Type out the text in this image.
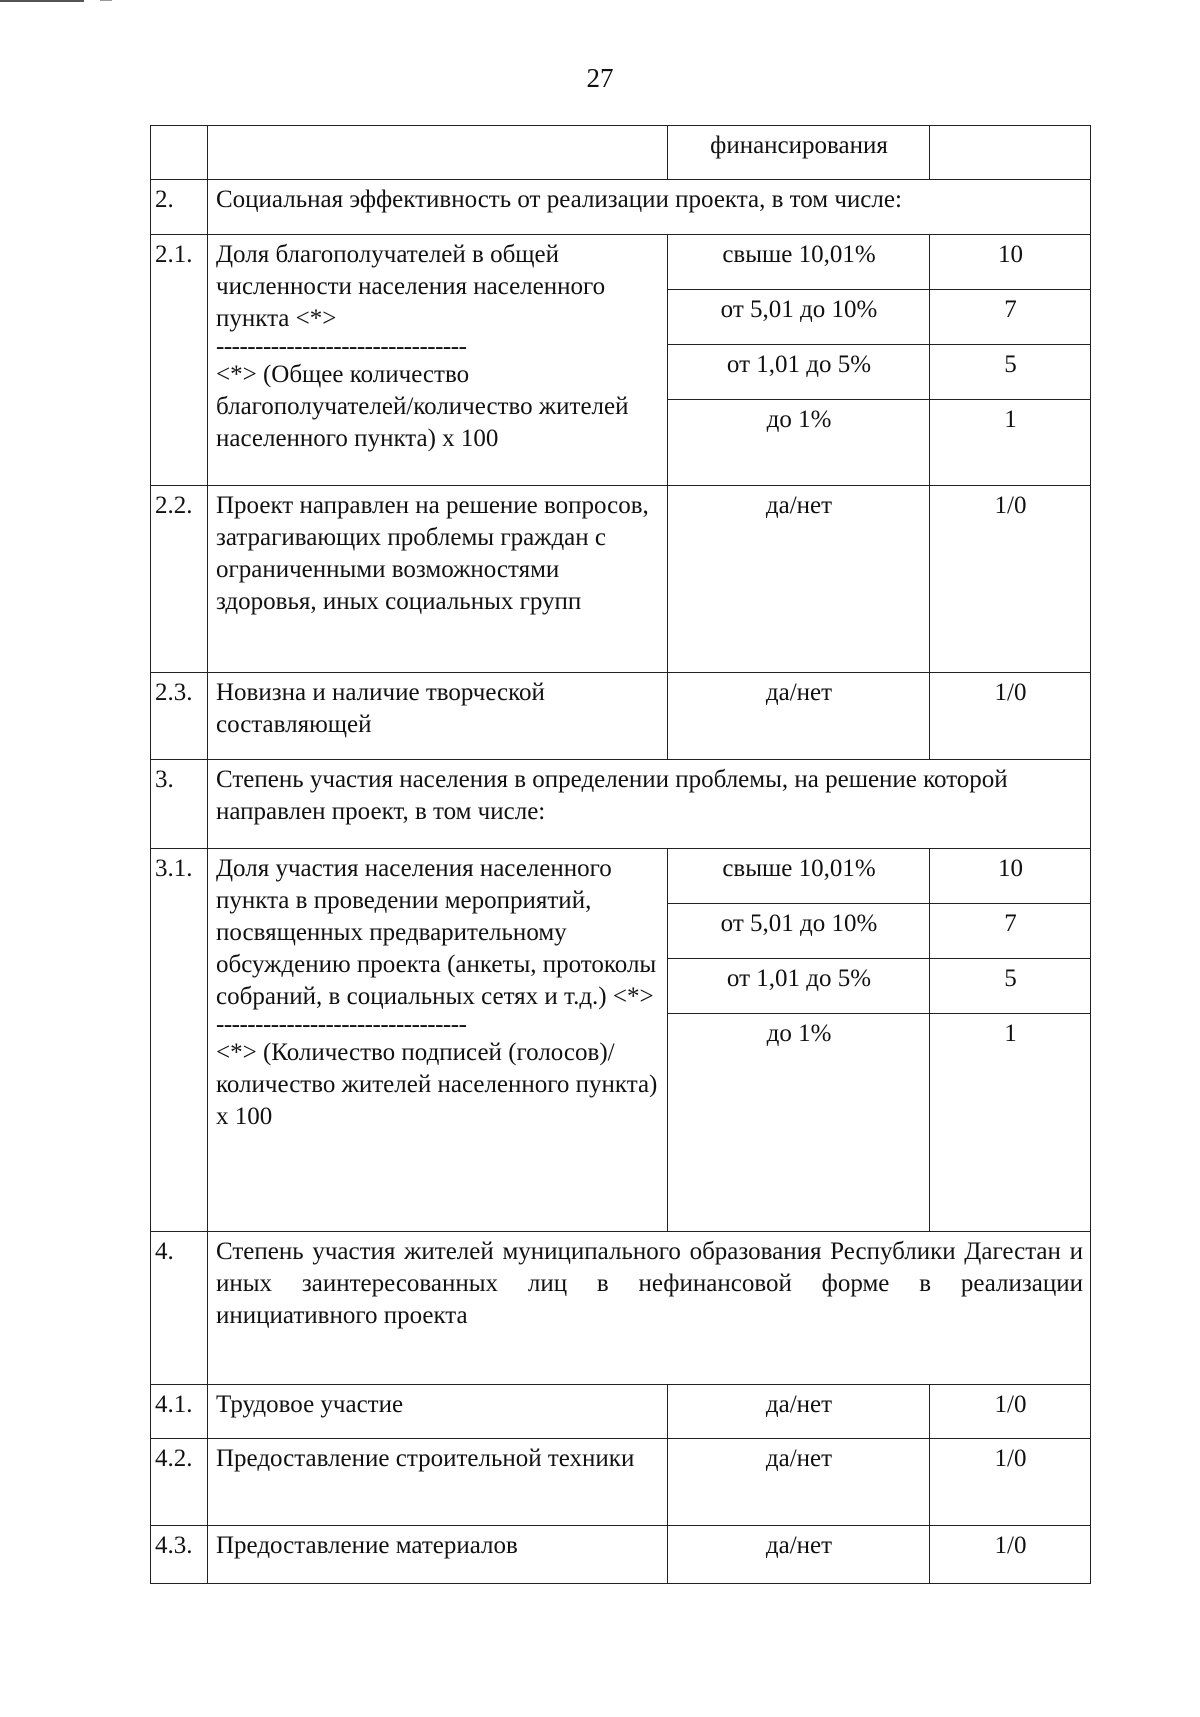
27
		финансирования	
2.	Социальная эффективность от реализации проекта, в том числе:		
2.1.	Доля благополучателей в общей численности населения населенного пункта <*>
--------------------------------
<*> (Общее количество благополучателей/количество жителей населенного пункта) х 100	свыше 10,01%	10
		от 5,01 до 10%	7
		от 1,01 до 5%	5
		до 1%	1
2.2.	Проект направлен на решение вопросов, затрагивающих проблемы граждан с ограниченными возможностями здоровья, иных социальных групп	да/нет	1/0
2.3.	Новизна и наличие творческой составляющей	да/нет	1/0
3.	Степень участия населения в определении проблемы, на решение которой направлен проект, в том числе:		
3.1.	Доля участия населения населенного пункта в проведении мероприятий, посвященных предварительному обсуждению проекта (анкеты, протоколы собраний, в социальных сетях и т.д.) <*>
--------------------------------
<*> (Количество подписей (голосов)/количество жителей населенного пункта) х 100	свыше 10,01%	10
		от 5,01 до 10%	7
		от 1,01 до 5%	5
		до 1%	1
4.	Степень участия жителей муниципального образования Республики Дагестан и иных заинтересованных лиц в нефинансовой форме в реализации инициативного проекта		
4.1.	Трудовое участие	да/нет	1/0
4.2.	Предоставление строительной техники	да/нет	1/0
4.3.	Предоставление материалов	да/нет	1/0
